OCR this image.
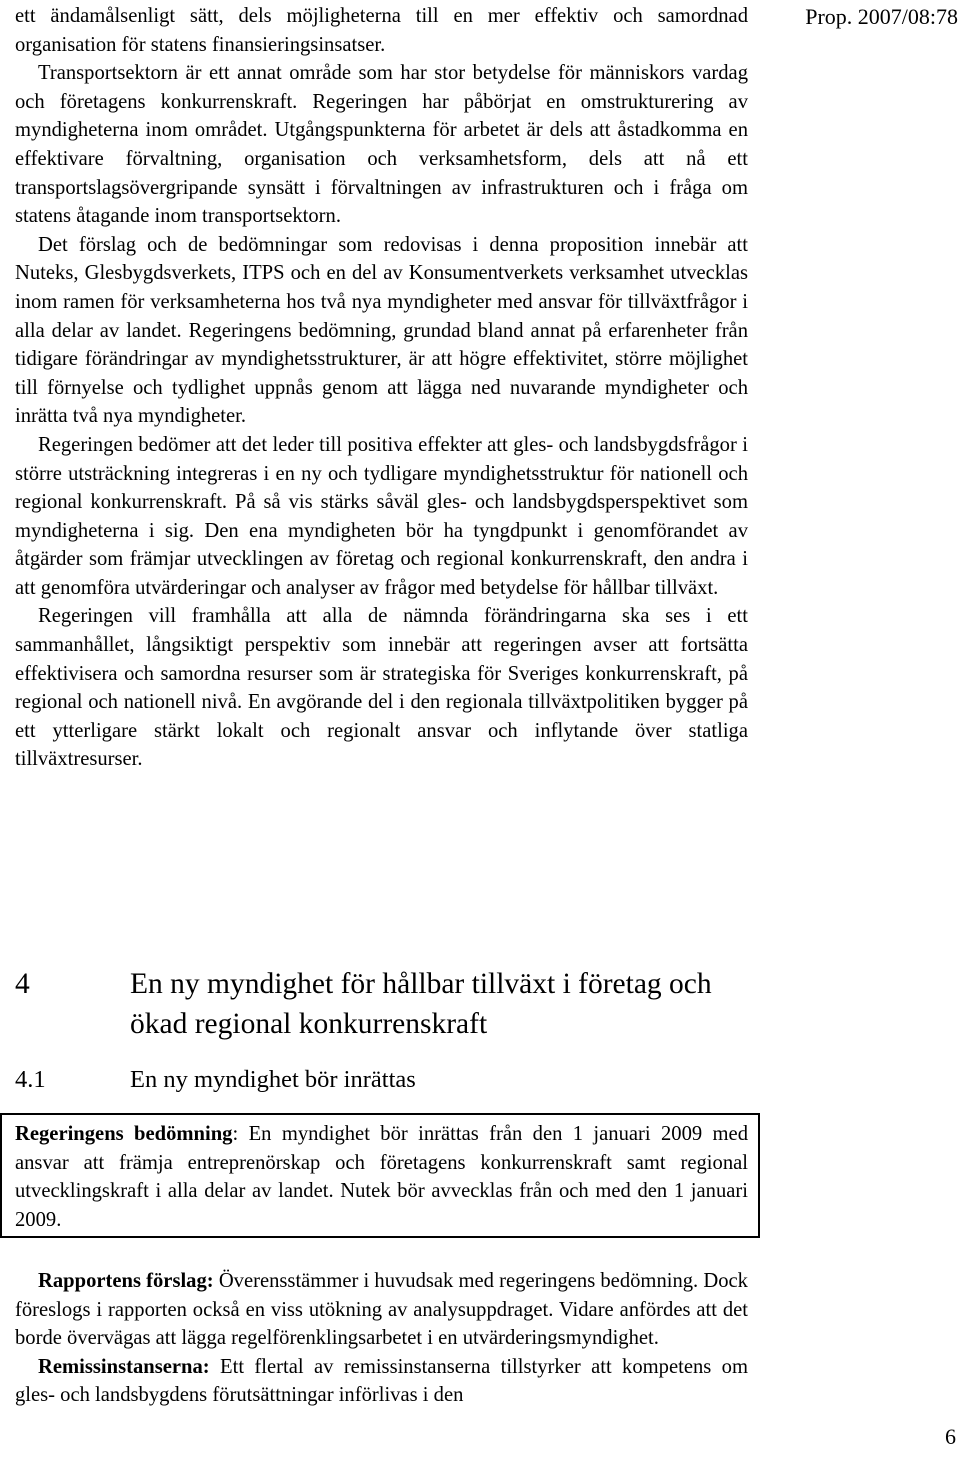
Prop. 2007/08:78

ett ändamålsenligt sätt, dels möjligheterna till en mer effektiv och samordnad organisation för statens finansieringsinsatser.

Transportsektorn är ett annat område som har stor betydelse för människors vardag och företagens konkurrenskraft. Regeringen har påbörjat en omstrukturering av myndigheterna inom området. Utgångspunkterna för arbetet är dels att åstadkomma en effektivare förvaltning, organisation och verksamhetsform, dels att nå ett transportslagsövergripande synsätt i förvaltningen av infrastrukturen och i fråga om statens åtagande inom transportsektorn.

Det förslag och de bedömningar som redovisas i denna proposition innebär att Nuteks, Glesbygdsverkets, ITPS och en del av Konsumentverkets verksamhet utvecklas inom ramen för verksamheterna hos två nya myndigheter med ansvar för tillväxtfrågor i alla delar av landet. Regeringens bedömning, grundad bland annat på erfarenheter från tidigare förändringar av myndighetsstrukturer, är att högre effektivitet, större möjlighet till förnyelse och tydlighet uppnås genom att lägga ned nuvarande myndigheter och inrätta två nya myndigheter.

Regeringen bedömer att det leder till positiva effekter att gles- och landsbygdsfrågor i större utsträckning integreras i en ny och tydligare myndighetsstruktur för nationell och regional konkurrenskraft. På så vis stärks såväl gles- och landsbygdsperspektivet som myndigheterna i sig. Den ena myndigheten bör ha tyngdpunkt i genomförandet av åtgärder som främjar utvecklingen av företag och regional konkurrenskraft, den andra i att genomföra utvärderingar och analyser av frågor med betydelse för hållbar tillväxt.

Regeringen vill framhålla att alla de nämnda förändringarna ska ses i ett sammanhållet, långsiktigt perspektiv som innebär att regeringen avser att fortsätta effektivisera och samordna resurser som är strategiska för Sveriges konkurrenskraft, på regional och nationell nivå. En avgörande del i den regionala tillväxtpolitiken bygger på ett ytterligare stärkt lokalt och regionalt ansvar och inflytande över statliga tillväxtresurser.

4	En ny myndighet för hållbar tillväxt i företag och ökad regional konkurrenskraft
4.1	En ny myndighet bör inrättas
Regeringens bedömning: En myndighet bör inrättas från den 1 januari 2009 med ansvar att främja entreprenörskap och företagens konkurrenskraft samt regional utvecklingskraft i alla delar av landet. Nutek bör avvecklas från och med den 1 januari 2009.

Rapportens förslag: Överensstämmer i huvudsak med regeringens bedömning. Dock föreslogs i rapporten också en viss utökning av analysuppdraget. Vidare anfördes att det borde övervägas att lägga regelförenklingsarbetet i en utvärderingsmyndighet.

Remissinstanserna: Ett flertal av remissinstanserna tillstyrker att kompetens om gles- och landsbygdens förutsättningar införlivas i den

6
